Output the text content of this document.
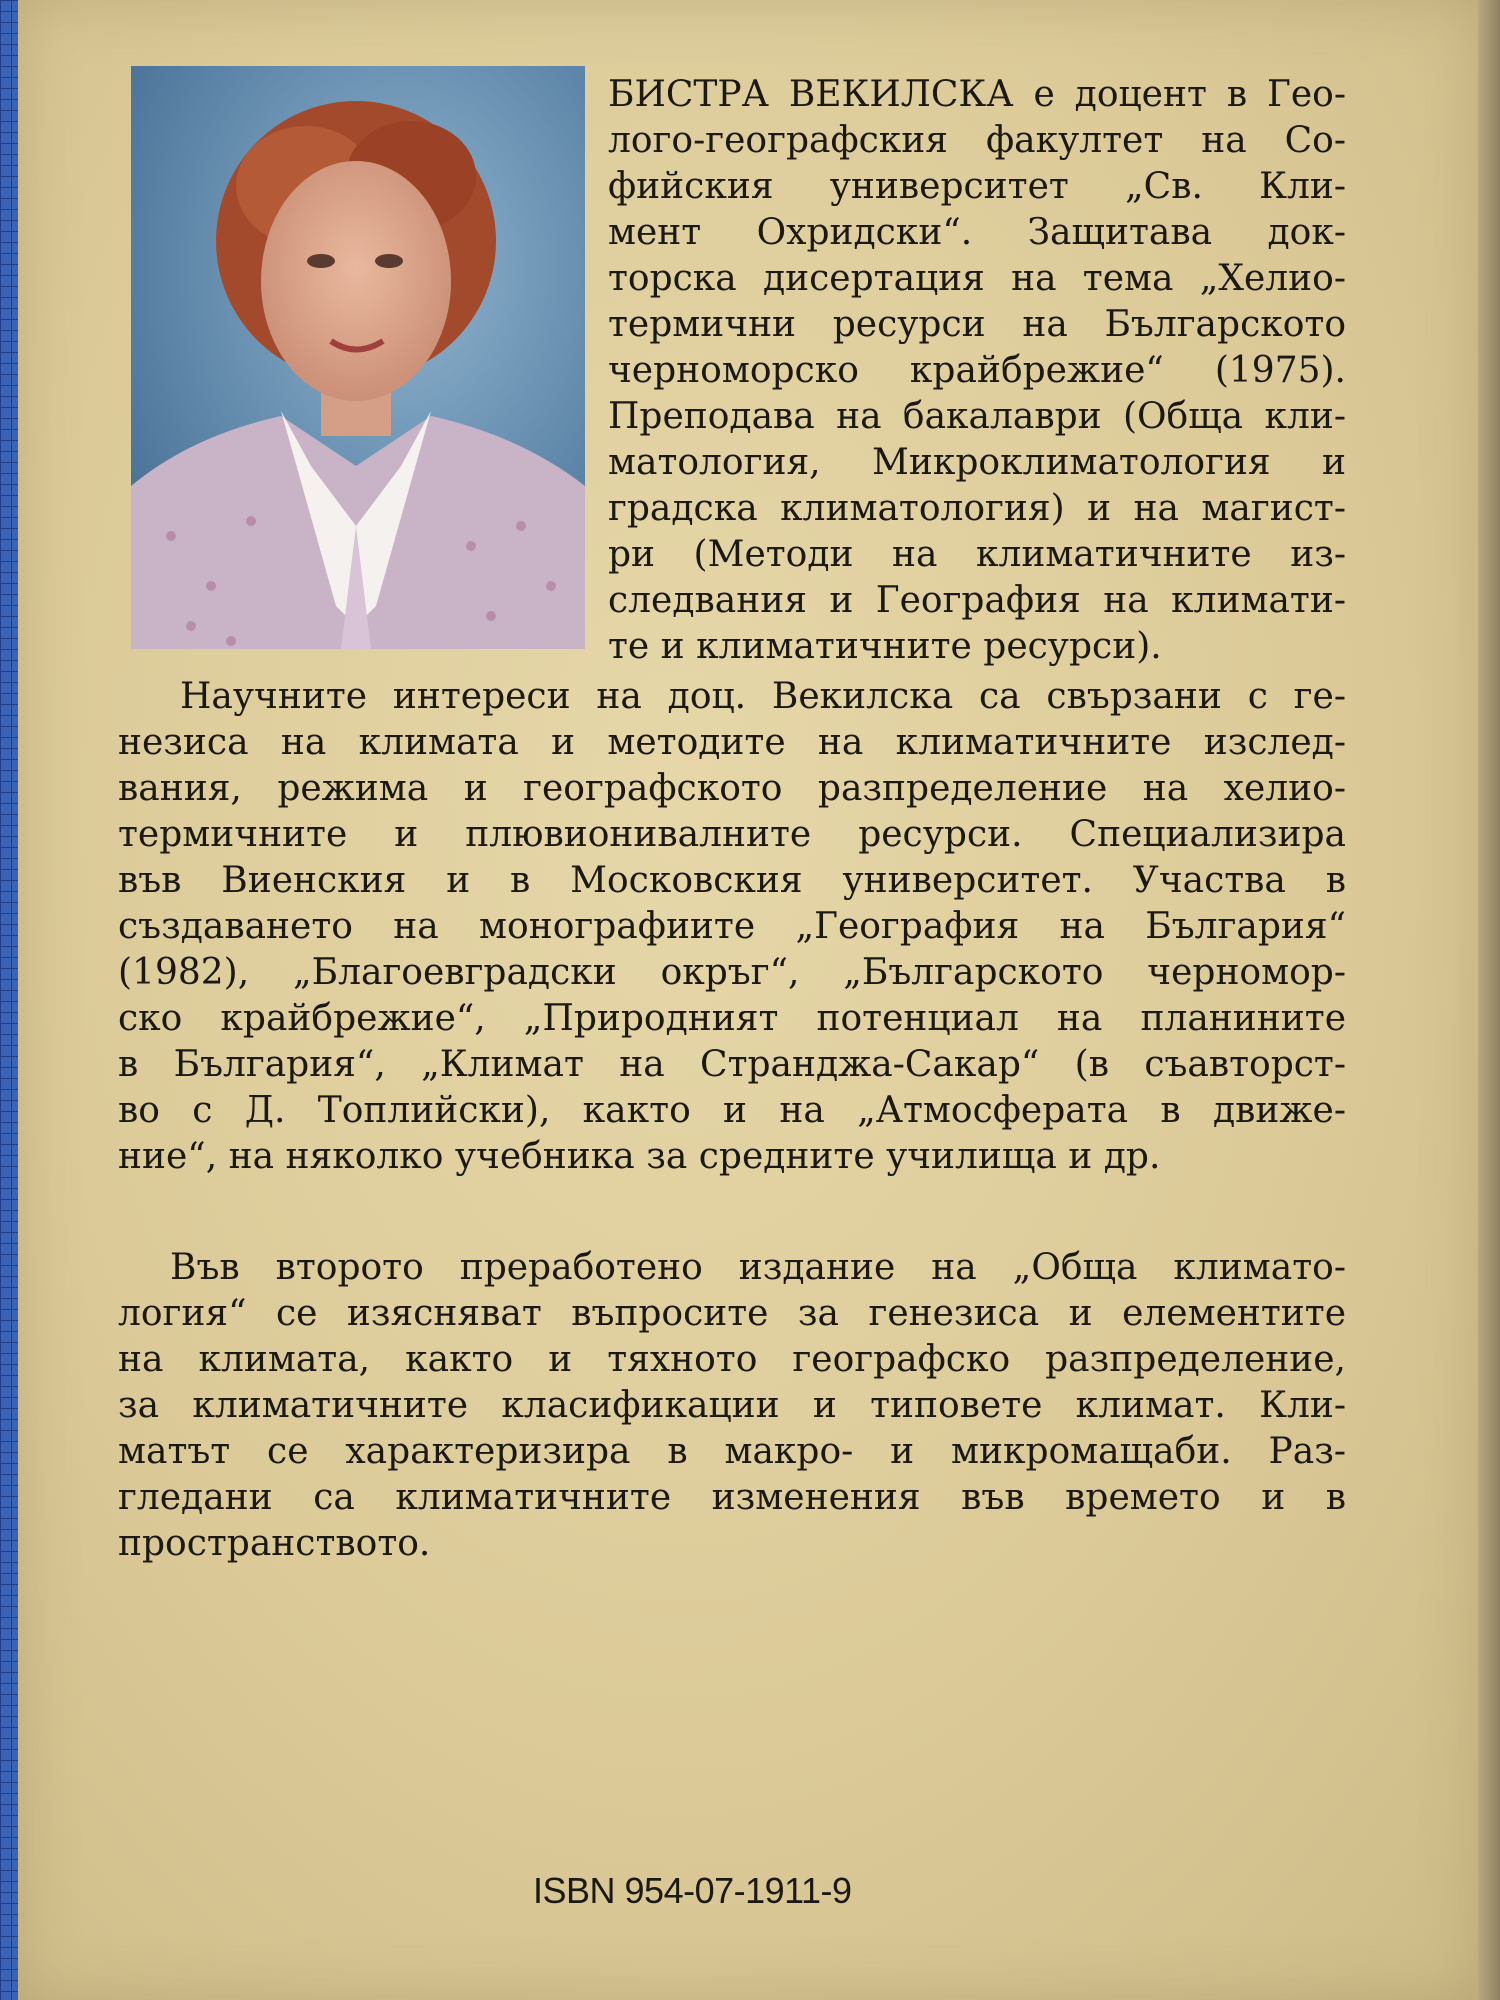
БИСТРА ВЕКИЛСКА е доцент в Гео-
лого-географския факултет на Со-
фийския университет „Св. Кли-
мент Охридски“. Защитава док-
торска дисертация на тема „Хелио-
термични ресурси на Българското
черноморско крайбрежие“ (1975).
Преподава на бакалаври (Обща кли-
матология, Микроклиматология и
градска климатология) и на магист-
ри (Методи на климатичните из-
следвания и География на климати-
те и климатичните ресурси).
Научните интереси на доц. Векилска са свързани с ге-
незиса на климата и методите на климатичните изслед-
вания, режима и географското разпределение на хелио-
термичните и плювионивалните ресурси. Специализира
във Виенския и в Московския университет. Участва в
създаването на монографиите „География на България“
(1982), „Благоевградски окръг“, „Българското черномор-
ско крайбрежие“, „Природният потенциал на планините
в България“, „Климат на Странджа-Сакар“ (в съавторст-
во с Д. Топлийски), както и на „Атмосферата в движе-
ние“, на няколко учебника за средните училища и др.
Във второто преработено издание на „Обща климато-
логия“ се изясняват въпросите за генезиса и елементите
на климата, както и тяхното географско разпределение,
за климатичните класификации и типовете климат. Кли-
матът се характеризира в макро- и микромащаби. Раз-
гледани са климатичните изменения във времето и в
пространството.
ISBN 954-07-1911-9
